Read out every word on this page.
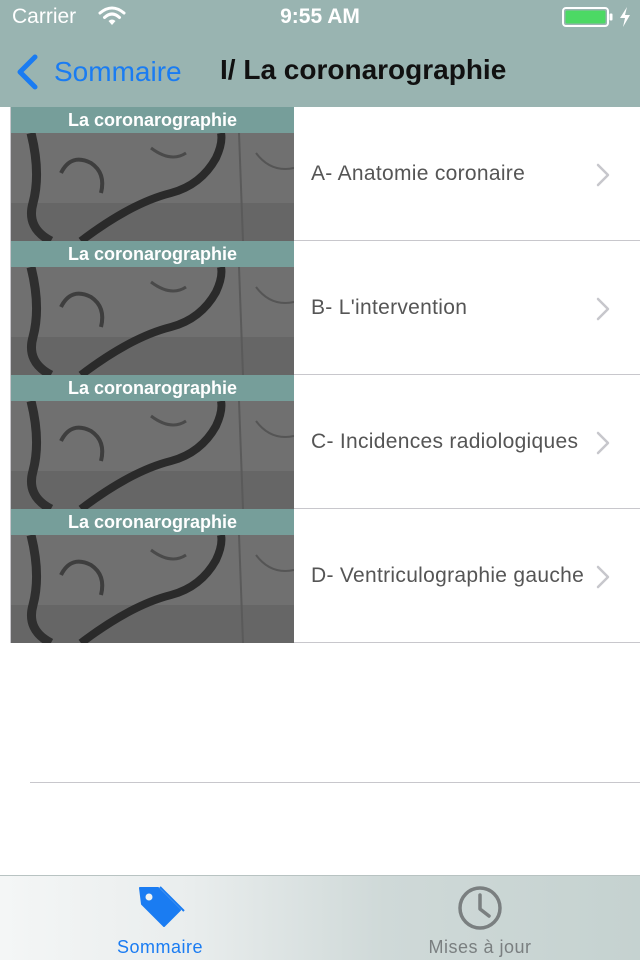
Carrier	9:55 AM
Sommaire I/ La coronarographie
La coronarographie
A- Anatomie coronaire
La coronarographie
B- L'intervention
La coronarographie
C- Incidences radiologiques
La coronarographie
D- Ventriculographie gauche
Sommaire	Mises à jour
